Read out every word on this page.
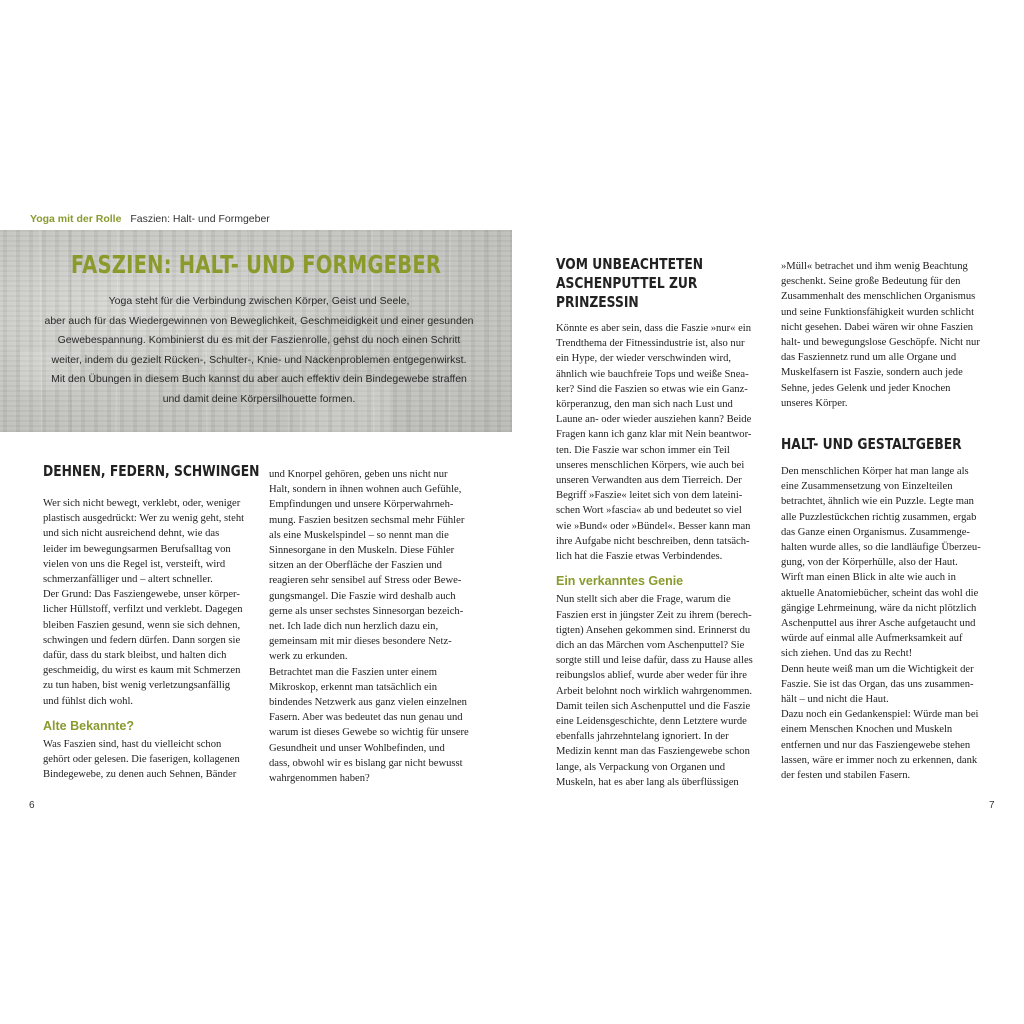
Yoga mit der Rolle Faszien: Halt- und Formgeber
FASZIEN: HALT- UND FORMGEBER
Yoga steht für die Verbindung zwischen Körper, Geist und Seele,
aber auch für das Wiedergewinnen von Beweglichkeit, Geschmeidigkeit und einer gesunden
Gewebespannung. Kombinierst du es mit der Faszienrolle, gehst du noch einen Schritt
weiter, indem du gezielt Rücken-, Schulter-, Knie- und Nackenproblemen entgegenwirkst.
Mit den Übungen in diesem Buch kannst du aber auch effektiv dein Bindegewebe straffen
und damit deine Körpersilhouette formen.
DEHNEN, FEDERN, SCHWINGEN

Wer sich nicht bewegt, verklebt, oder, weniger

plastisch ausgedrückt: Wer zu wenig geht, steht

und sich nicht ausreichend dehnt, wie das

leider im bewegungsarmen Berufsalltag von

vielen von uns die Regel ist, versteift, wird

schmerzanfälliger und – altert schneller.

Der Grund: Das Fasziengewebe, unser körper-

licher Hüllstoff, verfilzt und verklebt. Dagegen

bleiben Faszien gesund, wenn sie sich dehnen,

schwingen und federn dürfen. Dann sorgen sie

dafür, dass du stark bleibst, und halten dich

geschmeidig, du wirst es kaum mit Schmerzen

zu tun haben, bist wenig verletzungsanfällig

und fühlst dich wohl.

Alte Bekannte?

Was Faszien sind, hast du vielleicht schon

gehört oder gelesen. Die faserigen, kollagenen

Bindegewebe, zu denen auch Sehnen, Bänder

und Knorpel gehören, geben uns nicht nur

Halt, sondern in ihnen wohnen auch Gefühle,

Empfindungen und unsere Körperwahrneh-

mung. Faszien besitzen sechsmal mehr Fühler

als eine Muskelspindel – so nennt man die

Sinnesorgane in den Muskeln. Diese Fühler

sitzen an der Oberfläche der Faszien und

reagieren sehr sensibel auf Stress oder Bewe-

gungsmangel. Die Faszie wird deshalb auch

gerne als unser sechstes Sinnesorgan bezeich-

net. Ich lade dich nun herzlich dazu ein,

gemeinsam mit mir dieses besondere Netz-

werk zu erkunden.

Betrachtet man die Faszien unter einem

Mikroskop, erkennt man tatsächlich ein

bindendes Netzwerk aus ganz vielen einzelnen

Fasern. Aber was bedeutet das nun genau und

warum ist dieses Gewebe so wichtig für unsere

Gesundheit und unser Wohlbefinden, und

dass, obwohl wir es bislang gar nicht bewusst

wahrgenommen haben?

6
VOM UNBEACHTETEN
ASCHENPUTTEL ZUR
PRINZESSIN

Könnte es aber sein, dass die Faszie »nur« ein

Trendthema der Fitnessindustrie ist, also nur

ein Hype, der wieder verschwinden wird,

ähnlich wie bauchfreie Tops und weiße Snea-

ker? Sind die Faszien so etwas wie ein Ganz-

körperanzug, den man sich nach Lust und

Laune an- oder wieder ausziehen kann? Beide

Fragen kann ich ganz klar mit Nein beantwor-

ten. Die Faszie war schon immer ein Teil

unseres menschlichen Körpers, wie auch bei

unseren Verwandten aus dem Tierreich. Der

Begriff »Faszie« leitet sich von dem lateini-

schen Wort »fascia« ab und bedeutet so viel

wie »Bund« oder »Bündel«. Besser kann man

ihre Aufgabe nicht beschreiben, denn tatsäch-

lich hat die Faszie etwas Verbindendes.

Ein verkanntes Genie

Nun stellt sich aber die Frage, warum die

Faszien erst in jüngster Zeit zu ihrem (berech-

tigten) Ansehen gekommen sind. Erinnerst du

dich an das Märchen vom Aschenputtel? Sie

sorgte still und leise dafür, dass zu Hause alles

reibungslos ablief, wurde aber weder für ihre

Arbeit belohnt noch wirklich wahrgenommen.

Damit teilen sich Aschenputtel und die Faszie

eine Leidensgeschichte, denn Letztere wurde

ebenfalls jahrzehntelang ignoriert. In der

Medizin kennt man das Fasziengewebe schon

lange, als Verpackung von Organen und

Muskeln, hat es aber lang als überflüssigen

»Müll« betrachet und ihm wenig Beachtung

geschenkt. Seine große Bedeutung für den

Zusammenhalt des menschlichen Organismus

und seine Funktionsfähigkeit wurden schlicht

nicht gesehen. Dabei wären wir ohne Faszien

halt- und bewegungslose Geschöpfe. Nicht nur

das Fasziennetz rund um alle Organe und

Muskelfasern ist Faszie, sondern auch jede

Sehne, jedes Gelenk und jeder Knochen

unseres Körper.

HALT- UND GESTALTGEBER

Den menschlichen Körper hat man lange als

eine Zusammensetzung von Einzelteilen

betrachtet, ähnlich wie ein Puzzle. Legte man

alle Puzzlestückchen richtig zusammen, ergab

das Ganze einen Organismus. Zusammenge-

halten wurde alles, so die landläufige Überzeu-

gung, von der Körperhülle, also der Haut.

Wirft man einen Blick in alte wie auch in

aktuelle Anatomiebücher, scheint das wohl die

gängige Lehrmeinung, wäre da nicht plötzlich

Aschenputtel aus ihrer Asche aufgetaucht und

würde auf einmal alle Aufmerksamkeit auf

sich ziehen. Und das zu Recht!

Denn heute weiß man um die Wichtigkeit der

Faszie. Sie ist das Organ, das uns zusammen-

hält – und nicht die Haut.

Dazu noch ein Gedankenspiel: Würde man bei

einem Menschen Knochen und Muskeln

entfernen und nur das Fasziengewebe stehen

lassen, wäre er immer noch zu erkennen, dank

der festen und stabilen Fasern.

7
